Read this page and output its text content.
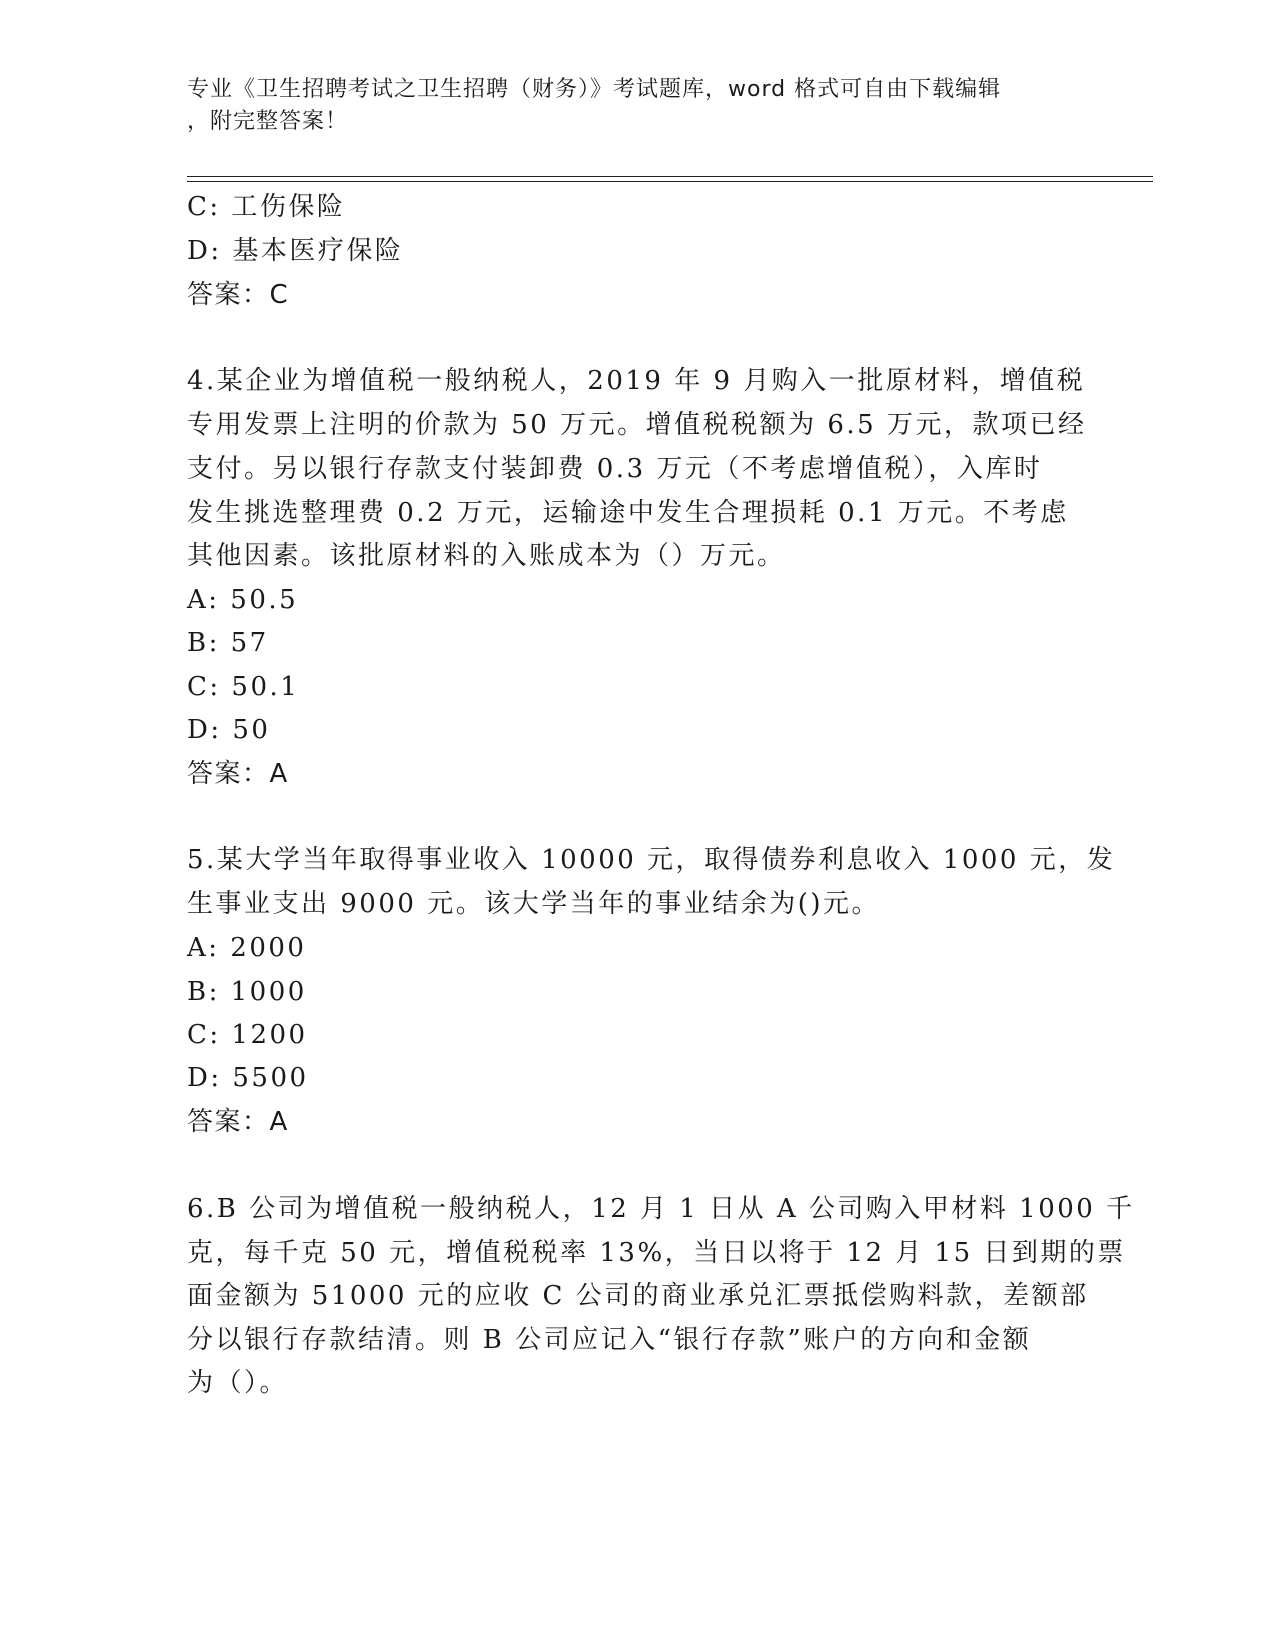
专业《卫生招聘考试之卫生招聘（财务）》考试题库，word 格式可自由下载编辑
，附完整答案！
C: 工伤保险
D: 基本医疗保险
答案：C
4.某企业为增值税一般纳税人，2019 年 9 月购入一批原材料，增值税
专用发票上注明的价款为 50 万元。增值税税额为 6.5 万元，款项已经
支付。另以银行存款支付装卸费 0.3 万元（不考虑增值税），入库时
发生挑选整理费 0.2 万元，运输途中发生合理损耗 0.1 万元。不考虑
其他因素。该批原材料的入账成本为（）万元。
A: 50.5
B: 57
C: 50.1
D: 50
答案：A
5.某大学当年取得事业收入 10000 元，取得债券利息收入 1000 元，发
生事业支出 9000 元。该大学当年的事业结余为()元。
A: 2000
B: 1000
C: 1200
D: 5500
答案：A
6.B 公司为增值税一般纳税人，12 月 1 日从 A 公司购入甲材料 1000 千
克，每千克 50 元，增值税税率 13%，当日以将于 12 月 15 日到期的票
面金额为 51000 元的应收 C 公司的商业承兑汇票抵偿购料款，差额部
分以银行存款结清。则 B 公司应记入“银行存款”账户的方向和金额
为（）。
